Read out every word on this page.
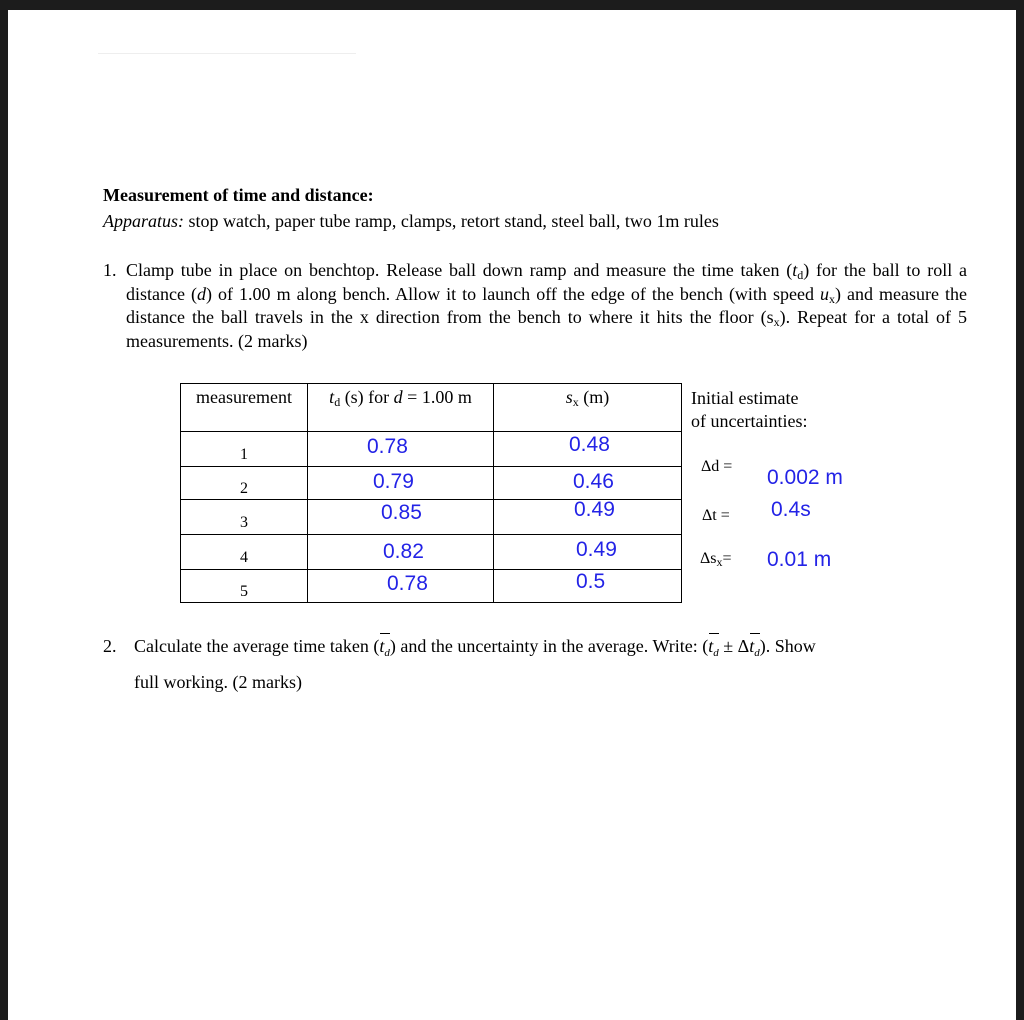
Measurement of time and distance:
Apparatus: stop watch, paper tube ramp, clamps, retort stand, steel ball, two 1m rules
1. Clamp tube in place on benchtop. Release ball down ramp and measure the time taken $(t_d)$ for the ball to roll a distance (d) of 1.00 m along bench. Allow it to launch off the edge of the bench (with speed $u_x$) and measure the distance the ball travels in the x direction from the bench to where it hits the floor $(s_x)$. Repeat for a total of 5 measurements. (2 marks)
measurement	$t_d$ (s) for d = 1.00 m	$s_x$ (m)

1	0.78	0.48

2	0.79	0.46

3	0.85	0.49

4	0.82	0.49

5	0.78	0.5
Initial estimate
of uncertainties:
Δd = 0.002 m
Δt = 0.4s
$\Delta s_x= 0.01$ m
2. Calculate the average time taken $(t_d)$ and the uncertainty in the average. Write: $(t_d \pm \Delta t_d)$. Show
full working. (2 marks)
